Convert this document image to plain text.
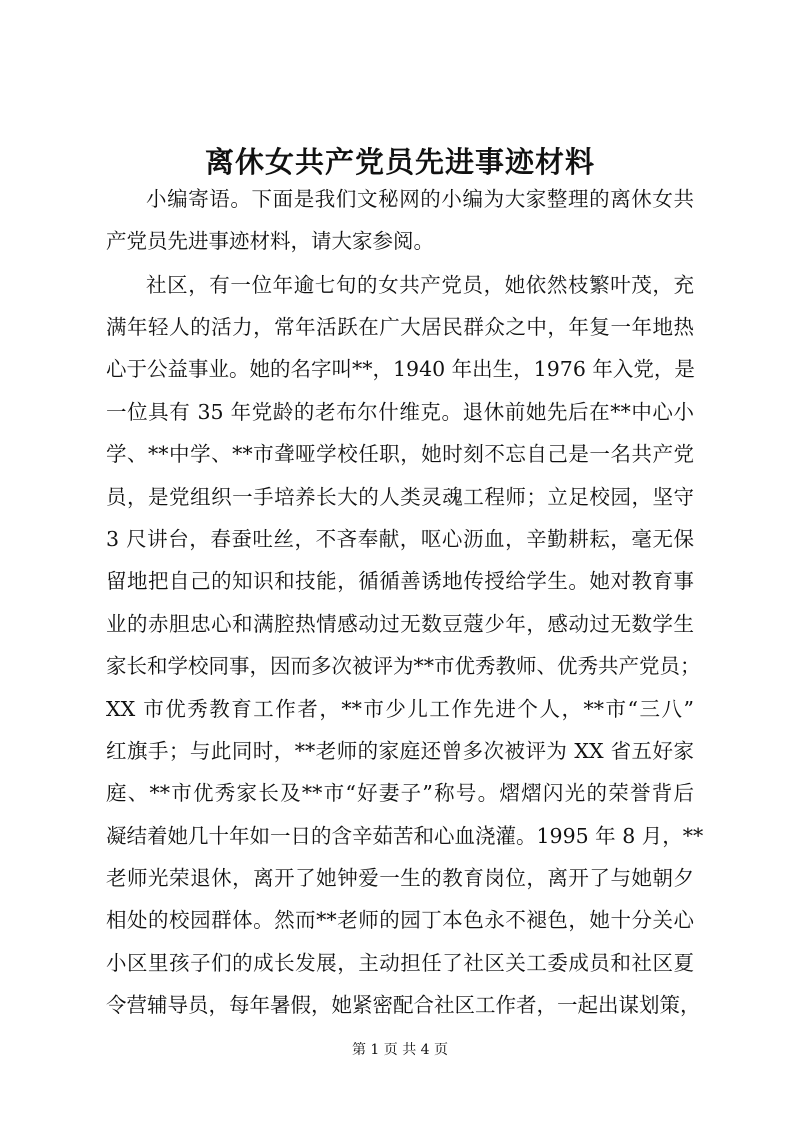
离休女共产党员先进事迹材料
小编寄语。下面是我们文秘网的小编为大家整理的离休女共
产党员先进事迹材料，请大家参阅。
社区，有一位年逾七旬的女共产党员，她依然枝繁叶茂，充
满年轻人的活力，常年活跃在广大居民群众之中，年复一年地热
心于公益事业。她的名字叫**，1940 年出生，1976 年入党，是
一位具有 35 年党龄的老布尔什维克。退休前她先后在**中心小
学、**中学、**市聋哑学校任职，她时刻不忘自己是一名共产党
员，是党组织一手培养长大的人类灵魂工程师；立足校园，坚守
3 尺讲台，春蚕吐丝，不吝奉献，呕心沥血，辛勤耕耘，毫无保
留地把自己的知识和技能，循循善诱地传授给学生。她对教育事
业的赤胆忠心和满腔热情感动过无数豆蔻少年，感动过无数学生
家长和学校同事，因而多次被评为**市优秀教师、优秀共产党员；
XX 市优秀教育工作者，**市少儿工作先进个人，**市“三八”
红旗手；与此同时，**老师的家庭还曾多次被评为 XX 省五好家
庭、**市优秀家长及**市“好妻子”称号。熠熠闪光的荣誉背后
凝结着她几十年如一日的含辛茹苦和心血浇灌。1995 年 8 月，**
老师光荣退休，离开了她钟爱一生的教育岗位，离开了与她朝夕
相处的校园群体。然而**老师的园丁本色永不褪色，她十分关心
小区里孩子们的成长发展，主动担任了社区关工委成员和社区夏
令营辅导员，每年暑假，她紧密配合社区工作者，一起出谋划策，
第 1 页 共 4 页
